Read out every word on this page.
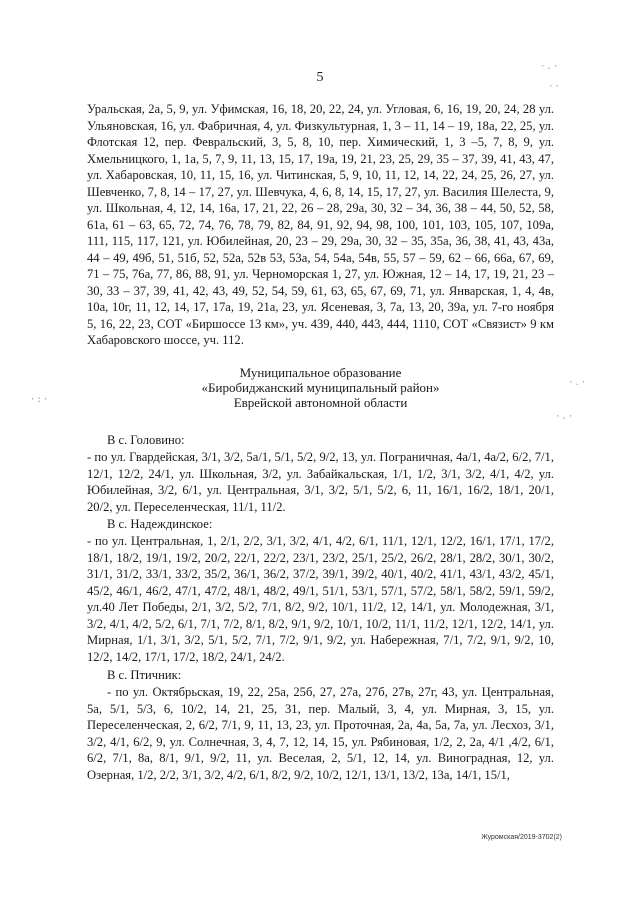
5

Уральская, 2а, 5, 9, ул. Уфимская, 16, 18, 20, 22, 24, ул. Угловая, 6, 16, 19, 20, 24, 28 ул. Ульяновская, 16, ул. Фабричная, 4, ул. Физкультурная, 1, 3 – 11, 14 – 19, 18а, 22, 25, ул. Флотская 12, пер. Февральский, 3, 5, 8, 10, пер. Химический, 1, 3 –5, 7, 8, 9, ул. Хмельницкого, 1, 1а, 5, 7, 9, 11, 13, 15, 17, 19а, 19, 21, 23, 25, 29, 35 – 37, 39, 41, 43, 47, ул. Хабаровская, 10, 11, 15, 16, ул. Читинская, 5, 9, 10, 11, 12, 14, 22, 24, 25, 26, 27, ул. Шевченко, 7, 8, 14 – 17, 27, ул. Шевчука, 4, 6, 8, 14, 15, 17, 27, ул. Василия Шелеста, 9, ул. Школьная, 4, 12, 14, 16а, 17, 21, 22, 26 – 28, 29а, 30, 32 – 34, 36, 38 – 44, 50, 52, 58, 61а, 61 – 63, 65, 72, 74, 76, 78, 79, 82, 84, 91, 92, 94, 98, 100, 101, 103, 105, 107, 109а, 111, 115, 117, 121, ул. Юбилейная, 20, 23 – 29, 29а, 30, 32 – 35, 35а, 36, 38, 41, 43, 43а, 44 – 49, 49б, 51, 51б, 52, 52а, 52в 53, 53а, 54, 54а, 54в, 55, 57 – 59, 62 – 66, 66а, 67, 69, 71 – 75, 76а, 77, 86, 88, 91, ул. Черноморская 1, 27, ул. Южная, 12 – 14, 17, 19, 21, 23 – 30, 33 – 37, 39, 41, 42, 43, 49, 52, 54, 59, 61, 63, 65, 67, 69, 71, ул. Январская, 1, 4, 4в, 10а, 10г, 11, 12, 14, 17, 17а, 19, 21а, 23, ул. Ясеневая, 3, 7а, 13, 20, 39а, ул. 7-го ноября 5, 16, 22, 23, СОТ «Биршоссе 13 км», уч. 439, 440, 443, 444, 1110, СОТ «Связист» 9 км Хабаровского шоссе, уч. 112.

Муниципальное образование
«Биробиджанский муниципальный район»
Еврейской автономной области

В с. Головино:

- по ул. Гвардейская, 3/1, 3/2, 5а/1, 5/1, 5/2, 9/2, 13, ул. Пограничная, 4а/1, 4а/2, 6/2, 7/1, 12/1, 12/2, 24/1, ул. Школьная, 3/2, ул. Забайкальская, 1/1, 1/2, 3/1, 3/2, 4/1, 4/2, ул. Юбилейная, 3/2, 6/1, ул. Центральная, 3/1, 3/2, 5/1, 5/2, 6, 11, 16/1, 16/2, 18/1, 20/1, 20/2, ул. Переселенческая, 11/1, 11/2.

В с. Надеждинское:

- по ул. Центральная, 1, 2/1, 2/2, 3/1, 3/2, 4/1, 4/2, 6/1, 11/1, 12/1, 12/2, 16/1, 17/1, 17/2, 18/1, 18/2, 19/1, 19/2, 20/2, 22/1, 22/2, 23/1, 23/2, 25/1, 25/2, 26/2, 28/1, 28/2, 30/1, 30/2, 31/1, 31/2, 33/1, 33/2, 35/2, 36/1, 36/2, 37/2, 39/1, 39/2, 40/1, 40/2, 41/1, 43/1, 43/2, 45/1, 45/2, 46/1, 46/2, 47/1, 47/2, 48/1, 48/2, 49/1, 51/1, 53/1, 57/1, 57/2, 58/1, 58/2, 59/1, 59/2, ул.40 Лет Победы, 2/1, 3/2, 5/2, 7/1, 8/2, 9/2, 10/1, 11/2, 12, 14/1, ул. Молодежная, 3/1, 3/2, 4/1, 4/2, 5/2, 6/1, 7/1, 7/2, 8/1, 8/2, 9/1, 9/2, 10/1, 10/2, 11/1, 11/2, 12/1, 12/2, 14/1, ул. Мирная, 1/1, 3/1, 3/2, 5/1, 5/2, 7/1, 7/2, 9/1, 9/2, ул. Набережная, 7/1, 7/2, 9/1, 9/2, 10, 12/2, 14/2, 17/1, 17/2, 18/2, 24/1, 24/2.

В с. Птичник:

- по ул. Октябрьская, 19, 22, 25а, 25б, 27, 27а, 27б, 27в, 27г, 43, ул. Центральная, 5а, 5/1, 5/3, 6, 10/2, 14, 21, 25, 31, пер. Малый, 3, 4, ул. Мирная, 3, 15, ул. Переселенческая, 2, 6/2, 7/1, 9, 11, 13, 23, ул. Проточная, 2а, 4а, 5а, 7а, ул. Лесхоз, 3/1, 3/2, 4/1, 6/2, 9, ул. Солнечная, 3, 4, 7, 12, 14, 15, ул. Рябиновая, 1/2, 2, 2а, 4/1 ,4/2, 6/1, 6/2, 7/1, 8а, 8/1, 9/1, 9/2, 11, ул. Веселая, 2, 5/1, 12, 14, ул. Виноградная, 12, ул. Озерная, 1/2, 2/2, 3/1, 3/2, 4/2, 6/1, 8/2, 9/2, 10/2, 12/1, 13/1, 13/2, 13а, 14/1, 15/1,

Журомская/2019-3702(2)
·.·
··
·:·
·.·
·.·
